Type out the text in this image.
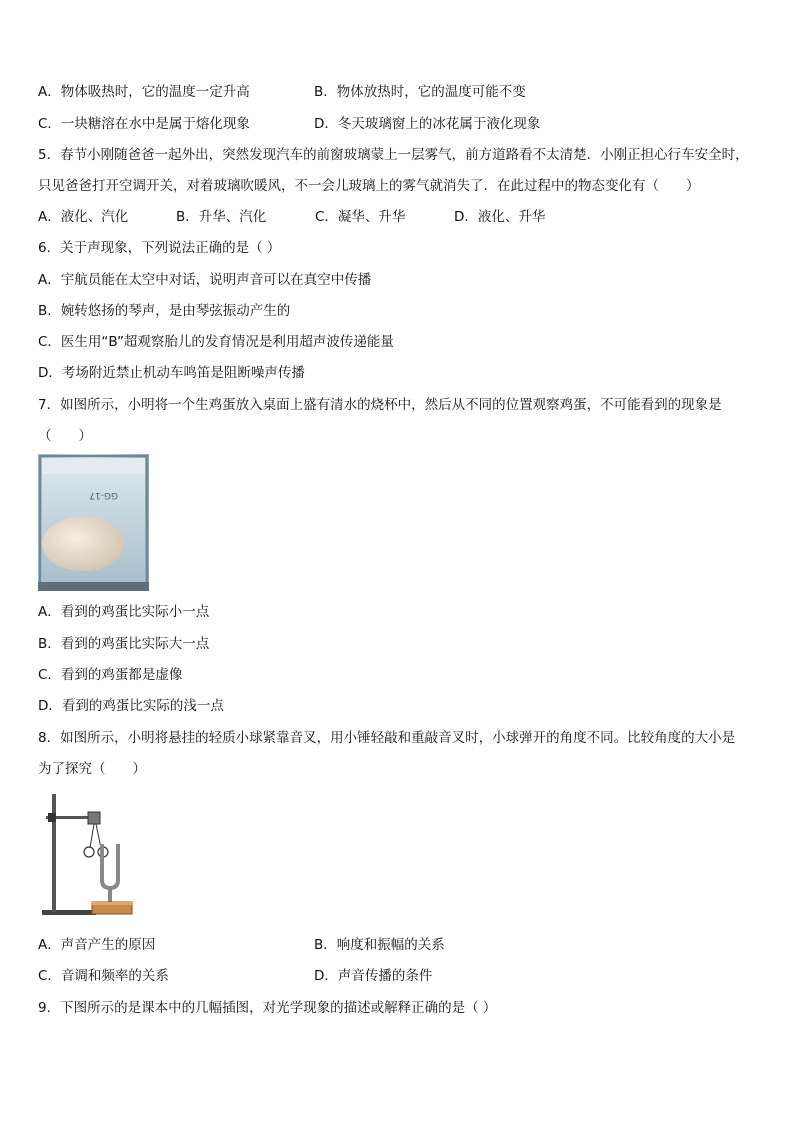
A．物体吸热时，它的温度一定升高	B．物体放热时，它的温度可能不变
C．一块糖溶在水中是属于熔化现象	D．冬天玻璃窗上的冰花属于液化现象
5．春节小刚随爸爸一起外出，突然发现汽车的前窗玻璃蒙上一层雾气，前方道路看不太清楚．小刚正担心行车安全时，
只见爸爸打开空调开关，对着玻璃吹暖风，不一会儿玻璃上的雾气就消失了．在此过程中的物态变化有（　　）
A．液化、汽化	B．升华、汽化	C．凝华、升华	D．液化、升华
6．关于声现象，下列说法正确的是（ ）
A．宇航员能在太空中对话，说明声音可以在真空中传播
B．婉转悠扬的琴声，是由琴弦振动产生的
C．医生用“B”超观察胎儿的发育情况是利用超声波传递能量
D．考场附近禁止机动车鸣笛是阻断噪声传播
7．如图所示，小明将一个生鸡蛋放入桌面上盛有清水的烧杯中，然后从不同的位置观察鸡蛋，不可能看到的现象是
（　　）
GG-17
A．看到的鸡蛋比实际小一点
B．看到的鸡蛋比实际大一点
C．看到的鸡蛋都是虚像
D．看到的鸡蛋比实际的浅一点
8．如图所示，小明将悬挂的轻质小球紧靠音叉，用小锤轻敲和重敲音叉时，小球弹开的角度不同。比较角度的大小是
为了探究（　　）
A．声音产生的原因	B．响度和振幅的关系
C．音调和频率的关系	D．声音传播的条件
9．下图所示的是课本中的几幅插图，对光学现象的描述或解释正确的是（ ）
